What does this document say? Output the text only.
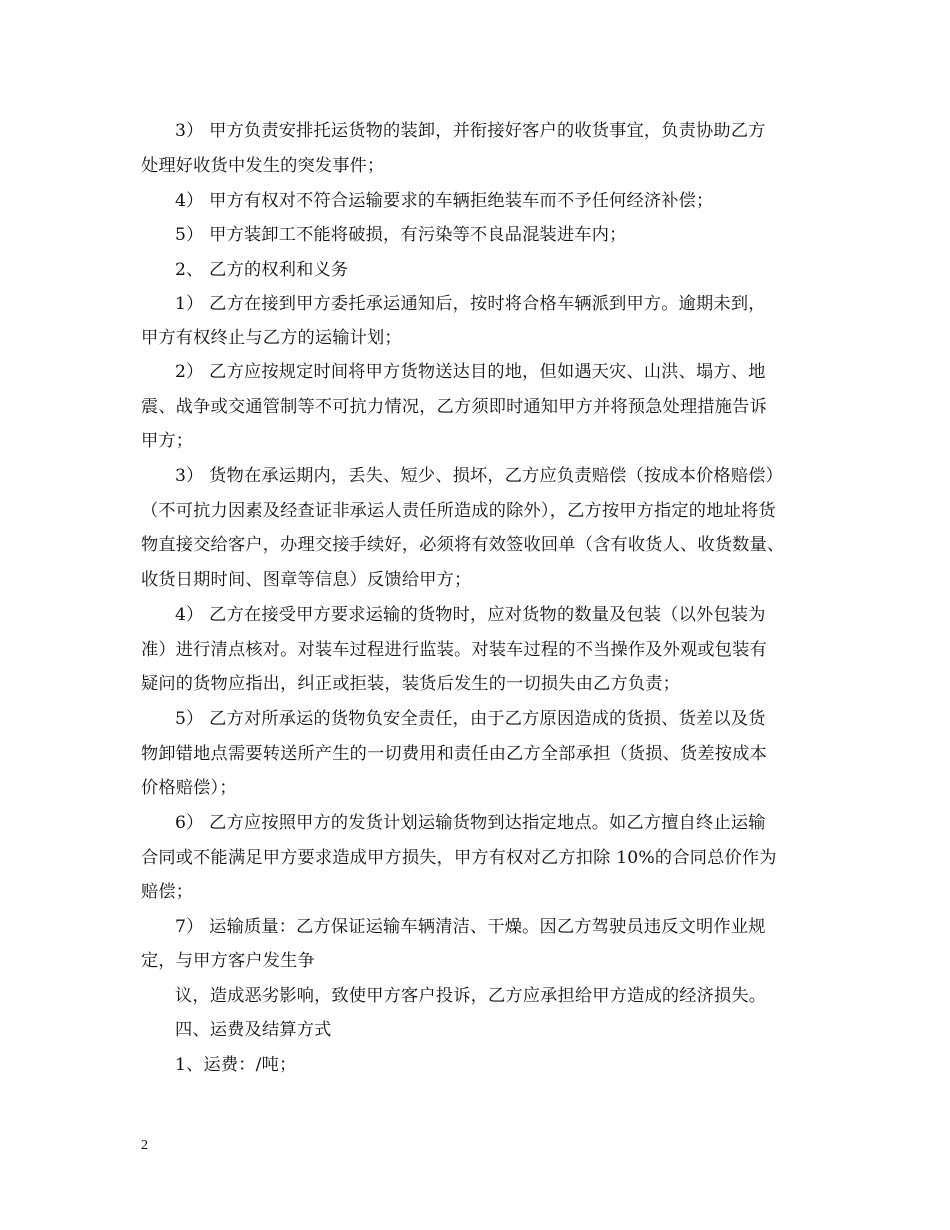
3） 甲方负责安排托运货物的装卸，并衔接好客户的收货事宜，负责协助乙方
处理好收货中发生的突发事件；
4） 甲方有权对不符合运输要求的车辆拒绝装车而不予任何经济补偿；
5） 甲方装卸工不能将破损，有污染等不良品混装进车内；
2、 乙方的权利和义务
1） 乙方在接到甲方委托承运通知后，按时将合格车辆派到甲方。逾期未到，
甲方有权终止与乙方的运输计划；
2） 乙方应按规定时间将甲方货物送达目的地，但如遇天灾、山洪、塌方、地
震、战争或交通管制等不可抗力情况，乙方须即时通知甲方并将预急处理措施告诉
甲方；
3） 货物在承运期内，丢失、短少、损坏，乙方应负责赔偿（按成本价格赔偿）
（不可抗力因素及经查证非承运人责任所造成的除外），乙方按甲方指定的地址将货
物直接交给客户，办理交接手续好，必须将有效签收回单（含有收货人、收货数量、
收货日期时间、图章等信息）反馈给甲方；
4） 乙方在接受甲方要求运输的货物时，应对货物的数量及包装（以外包装为
准）进行清点核对。对装车过程进行监装。对装车过程的不当操作及外观或包装有
疑问的货物应指出，纠正或拒装，装货后发生的一切损失由乙方负责；
5） 乙方对所承运的货物负安全责任，由于乙方原因造成的货损、货差以及货
物卸错地点需要转送所产生的一切费用和责任由乙方全部承担（货损、货差按成本
价格赔偿）；
6） 乙方应按照甲方的发货计划运输货物到达指定地点。如乙方擅自终止运输
合同或不能满足甲方要求造成甲方损失，甲方有权对乙方扣除 10%的合同总价作为
赔偿；
7） 运输质量：乙方保证运输车辆清洁、干燥。因乙方驾驶员违反文明作业规
定，与甲方客户发生争
议，造成恶劣影响，致使甲方客户投诉，乙方应承担给甲方造成的经济损失。
四、运费及结算方式
1、运费：/吨；
2
